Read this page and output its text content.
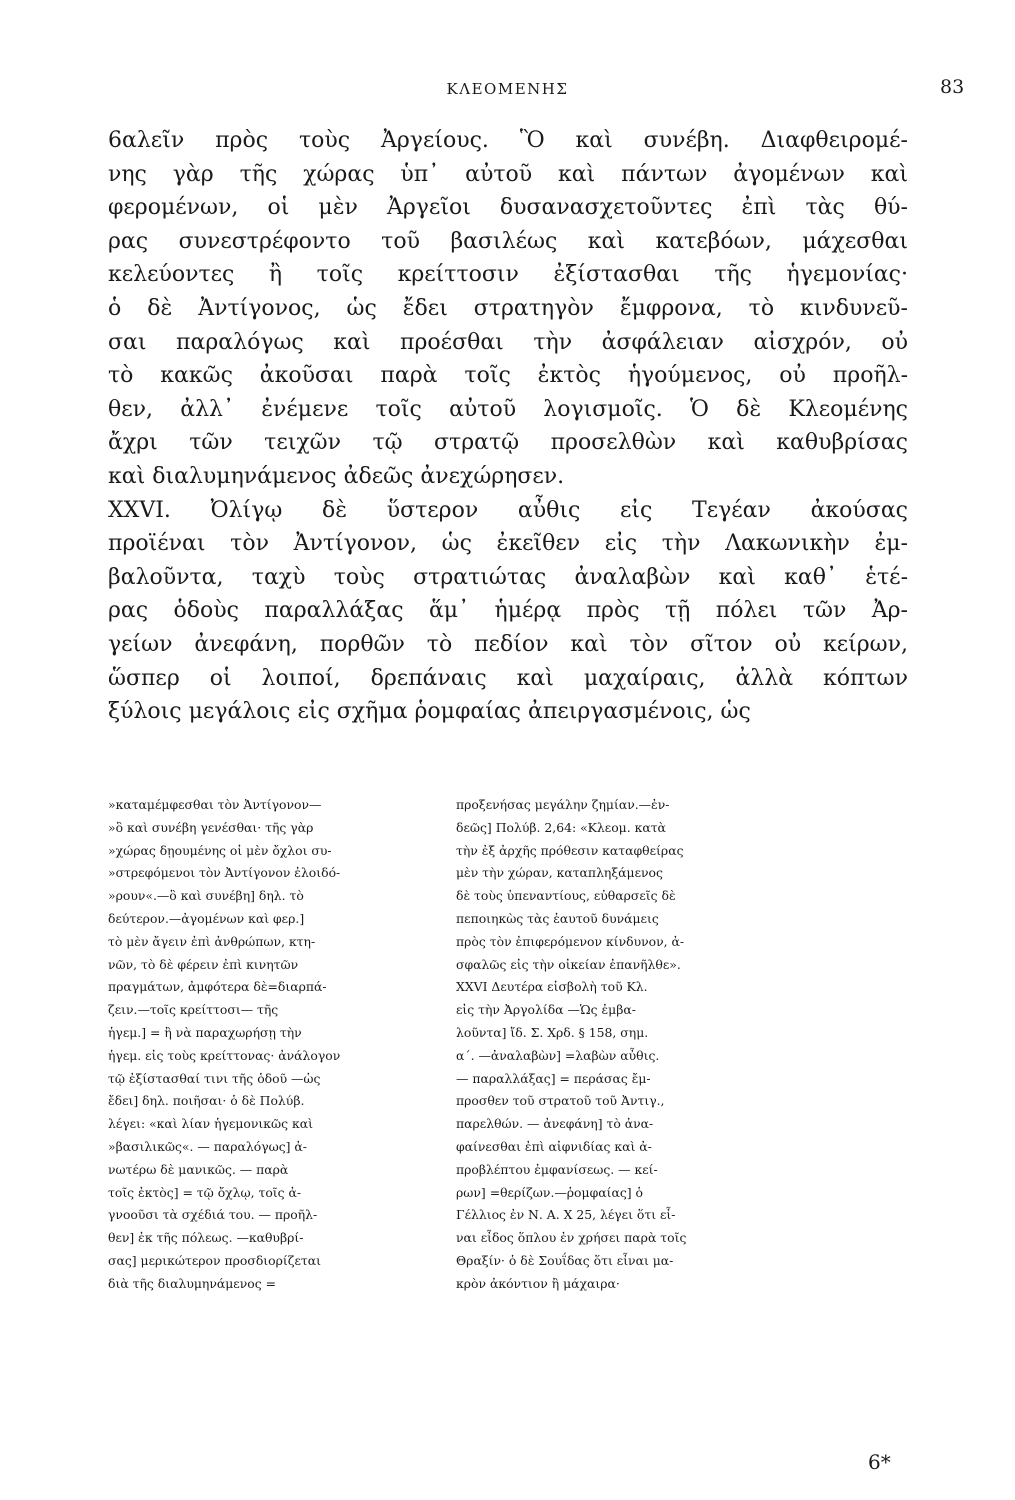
ΚΛΕΟΜΕΝΗΣ	83
6αλεῖν πρὸς τοὺς Ἀργείους. Ὃ καὶ συνέβη. Διαφθειρομέ-
νης γὰρ τῆς χώρας ὑπ᾽ αὐτοῦ καὶ πάντων ἀγομένων καὶ
φερομένων, οἱ μὲν Ἀργεῖοι δυσανασχετοῦντες ἐπὶ τὰς θύ-
ρας συνεστρέφοντο τοῦ βασιλέως καὶ κατεβόων, μάχεσθαι
κελεύοντες ἢ τοῖς κρείττοσιν ἐξίστασθαι τῆς ἡγεμονίας·
ὁ δὲ Ἀντίγονος, ὡς ἔδει στρατηγὸν ἔμφρονα, τὸ κινδυνεῦ-
σαι παραλόγως καὶ προέσθαι τὴν ἀσφάλειαν αἰσχρόν, οὐ
τὸ κακῶς ἀκοῦσαι παρὰ τοῖς ἐκτὸς ἡγούμενος, οὐ προῆλ-
θεν, ἀλλ᾽ ἐνέμενε τοῖς αὐτοῦ λογισμοῖς. Ὁ δὲ Κλεομένης
ἄχρι τῶν τειχῶν τῷ στρατῷ προσελθὼν καὶ καθυβρίσας
καὶ διαλυμηνάμενος ἀδεῶς ἀνεχώρησεν.
XXVI. Ὀλίγῳ δὲ ὕστερον αὖθις εἰς Τεγέαν ἀκούσας
προϊέναι τὸν Ἀντίγονον, ὡς ἐκεῖθεν εἰς τὴν Λακωνικὴν ἐμ-
βαλοῦντα, ταχὺ τοὺς στρατιώτας ἀναλαβὼν καὶ καθ᾽ ἑτέ-
ρας ὁδοὺς παραλλάξας ἅμ᾽ ἡμέρᾳ πρὸς τῇ πόλει τῶν Ἀρ-
γείων ἀνεφάνη, πορθῶν τὸ πεδίον καὶ τὸν σῖτον οὐ κείρων,
ὥσπερ οἱ λοιποί, δρεπάναις καὶ μαχαίραις, ἀλλὰ κόπτων
ξύλοις μεγάλοις εἰς σχῆμα ῥομφαίας ἀπειργασμένοις, ὡς
»καταμέμφεσθαι τὸν Ἀντίγονον—
»ὃ καὶ συνέβη γενέσθαι· τῆς γὰρ
»χώρας δῃουμένης οἱ μὲν ὄχλοι συ-
»στρεφόμενοι τὸν Ἀντίγονον ἐλοιδό-
»ρουν«.—ὃ καὶ συνέβη] δηλ. τὸ
δεύτερον.—ἀγομένων καὶ φερ.]
τὸ μὲν ἄγειν ἐπὶ ἀνθρώπων, κτη-
νῶν, τὸ δὲ φέρειν ἐπὶ κινητῶν
πραγμάτων, ἀμφότερα δὲ=διαρπά-
ζειν.—τοῖς κρείττοσι— τῆς
ἡγεμ.] = ἢ νὰ παραχωρήσῃ τὴν
ἡγεμ. εἰς τοὺς κρείττονας· ἀνάλογον
τῷ ἐξίστασθαί τινι τῆς ὁδοῦ —ὡς
ἔδει] δηλ. ποιῆσαι· ὁ δὲ Πολύβ.
λέγει: «καὶ λίαν ἡγεμονικῶς καὶ
»βασιλικῶς«. — παραλόγως] ἀ-
νωτέρω δὲ μανικῶς. — παρὰ
τοῖς ἐκτὸς] = τῷ ὄχλῳ, τοῖς ἀ-
γνοοῦσι τὰ σχέδιά του. — προῆλ-
θεν] ἐκ τῆς πόλεως. —καθυβρί-
σας] μερικώτερον προσδιορίζεται
διὰ τῆς διαλυμηνάμενος =
προξενήσας μεγάλην ζημίαν.—ἐν-
δεῶς] Πολύβ. 2,64: «Κλεομ. κατὰ
τὴν ἐξ ἀρχῆς πρόθεσιν καταφθείρας
μὲν τὴν χώραν, καταπληξάμενος
δὲ τοὺς ὑπεναντίους, εὐθαρσεῖς δὲ
πεποιηκὼς τὰς ἑαυτοῦ δυνάμεις
πρὸς τὸν ἐπιφερόμενον κίνδυνον, ἀ-
σφαλῶς εἰς τὴν οἰκείαν ἐπανῆλθε».
XXVI Δευτέρα εἰσβολὴ τοῦ Κλ.
εἰς τὴν Ἀργολίδα —Ὡς ἐμβα-
λοῦντα] ἴδ. Σ. Χρδ. § 158, σημ.
α΄. —ἀναλαβὼν] =λαβὼν αὖθις.
— παραλλάξας] = περάσας ἔμ-
προσθεν τοῦ στρατοῦ τοῦ Ἀντιγ.,
παρελθών. — ἀνεφάνη] τὸ ἀνα-
φαίνεσθαι ἐπὶ αἰφνιδίας καὶ ἀ-
προβλέπτου ἐμφανίσεως. — κεί-
ρων] =θερίζων.—ῥομφαίας] ὁ
Γέλλιος ἐν Ν. Α. Χ 25, λέγει ὅτι εἶ-
ναι εἶδος ὅπλου ἐν χρήσει παρὰ τοῖς
Θραξίν· ὁ δὲ Σουΐδας ὅτι εἶναι μα-
κρὸν ἀκόντιον ἢ μάχαιρα·
6*
